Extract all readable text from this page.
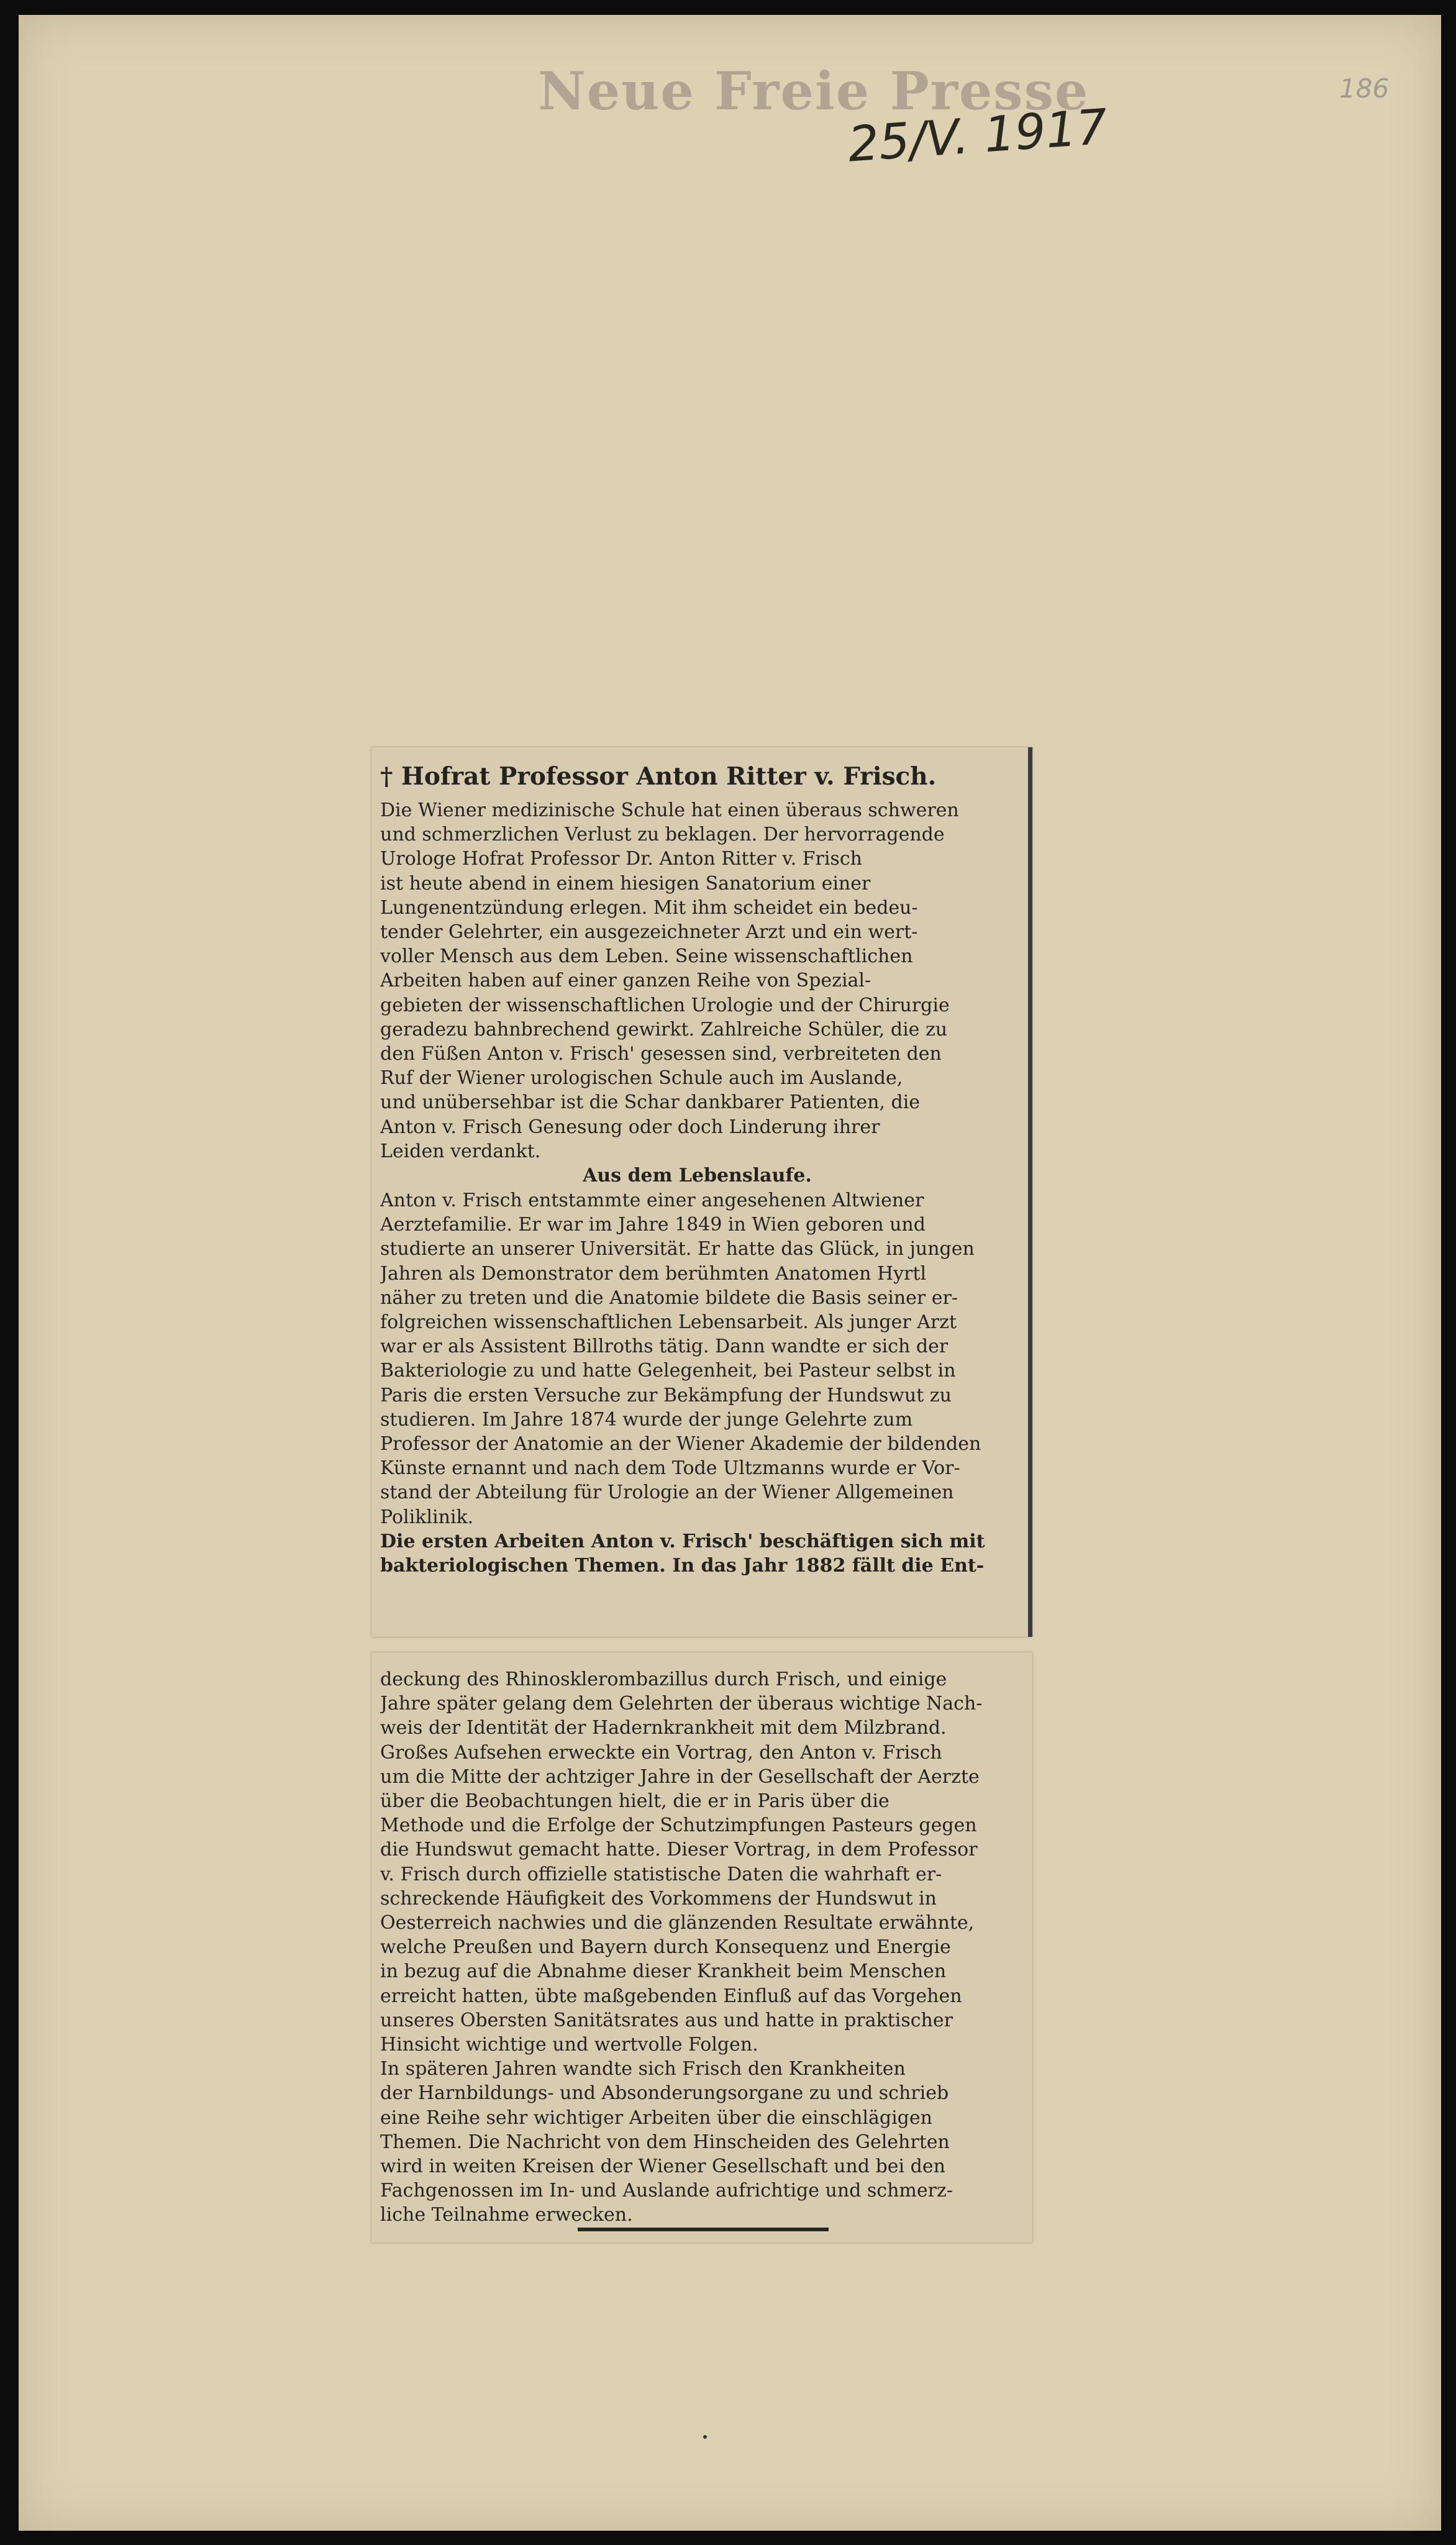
Neue Freie Presse
25/V. 1917
186
† Hofrat Professor Anton Ritter v. Frisch.
Die Wiener medizinische Schule hat einen überaus schweren
und schmerzlichen Verlust zu beklagen. Der hervorragende
Urologe Hofrat Professor Dr. Anton Ritter v. Frisch
ist heute abend in einem hiesigen Sanatorium einer
Lungenentzündung erlegen. Mit ihm scheidet ein bedeu-
tender Gelehrter, ein ausgezeichneter Arzt und ein wert-
voller Mensch aus dem Leben. Seine wissenschaftlichen
Arbeiten haben auf einer ganzen Reihe von Spezial-
gebieten der wissenschaftlichen Urologie und der Chirurgie
geradezu bahnbrechend gewirkt. Zahlreiche Schüler, die zu
den Füßen Anton v. Frisch' gesessen sind, verbreiteten den
Ruf der Wiener urologischen Schule auch im Auslande,
und unübersehbar ist die Schar dankbarer Patienten, die
Anton v. Frisch Genesung oder doch Linderung ihrer
Leiden verdankt.
Aus dem Lebenslaufe.
Anton v. Frisch entstammte einer angesehenen Altwiener
Aerztefamilie. Er war im Jahre 1849 in Wien geboren und
studierte an unserer Universität. Er hatte das Glück, in jungen
Jahren als Demonstrator dem berühmten Anatomen Hyrtl
näher zu treten und die Anatomie bildete die Basis seiner er-
folgreichen wissenschaftlichen Lebensarbeit. Als junger Arzt
war er als Assistent Billroths tätig. Dann wandte er sich der
Bakteriologie zu und hatte Gelegenheit, bei Pasteur selbst in
Paris die ersten Versuche zur Bekämpfung der Hundswut zu
studieren. Im Jahre 1874 wurde der junge Gelehrte zum
Professor der Anatomie an der Wiener Akademie der bildenden
Künste ernannt und nach dem Tode Ultzmanns wurde er Vor-
stand der Abteilung für Urologie an der Wiener Allgemeinen
Poliklinik.
Die ersten Arbeiten Anton v. Frisch' beschäftigen sich mit
bakteriologischen Themen. In das Jahr 1882 fällt die Ent-
deckung des Rhinosklerombazillus durch Frisch, und einige
Jahre später gelang dem Gelehrten der überaus wichtige Nach-
weis der Identität der Hadernkrankheit mit dem Milzbrand.
Großes Aufsehen erweckte ein Vortrag, den Anton v. Frisch
um die Mitte der achtziger Jahre in der Gesellschaft der Aerzte
über die Beobachtungen hielt, die er in Paris über die
Methode und die Erfolge der Schutzimpfungen Pasteurs gegen
die Hundswut gemacht hatte. Dieser Vortrag, in dem Professor
v. Frisch durch offizielle statistische Daten die wahrhaft er-
schreckende Häufigkeit des Vorkommens der Hundswut in
Oesterreich nachwies und die glänzenden Resultate erwähnte,
welche Preußen und Bayern durch Konsequenz und Energie
in bezug auf die Abnahme dieser Krankheit beim Menschen
erreicht hatten, übte maßgebenden Einfluß auf das Vorgehen
unseres Obersten Sanitätsrates aus und hatte in praktischer
Hinsicht wichtige und wertvolle Folgen.
In späteren Jahren wandte sich Frisch den Krankheiten
der Harnbildungs- und Absonderungsorgane zu und schrieb
eine Reihe sehr wichtiger Arbeiten über die einschlägigen
Themen. Die Nachricht von dem Hinscheiden des Gelehrten
wird in weiten Kreisen der Wiener Gesellschaft und bei den
Fachgenossen im In- und Auslande aufrichtige und schmerz-
liche Teilnahme erwecken.
